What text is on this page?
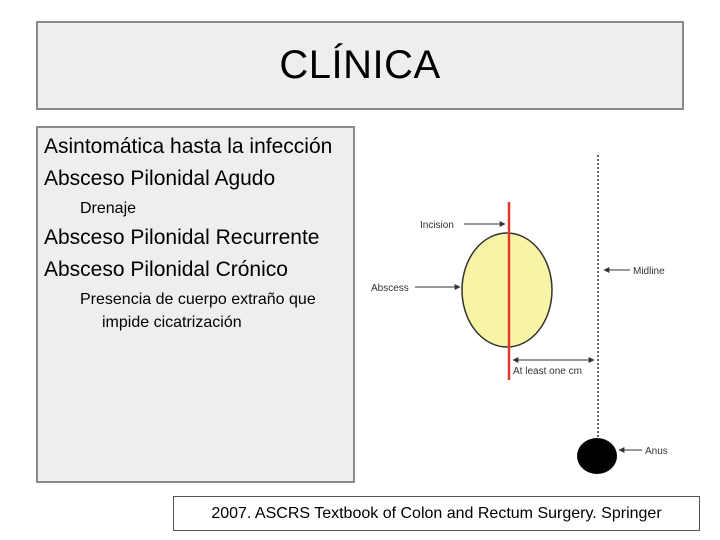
CLÍNICA
Asintomática hasta la infección
Absceso Pilonidal Agudo
Drenaje
Absceso Pilonidal Recurrente
Absceso Pilonidal Crónico
Presencia de cuerpo extraño que impide cicatrización
Incision
Abscess
Midline
At least one cm
Anus
2007. ASCRS Textbook of Colon and Rectum Surgery. Springer
